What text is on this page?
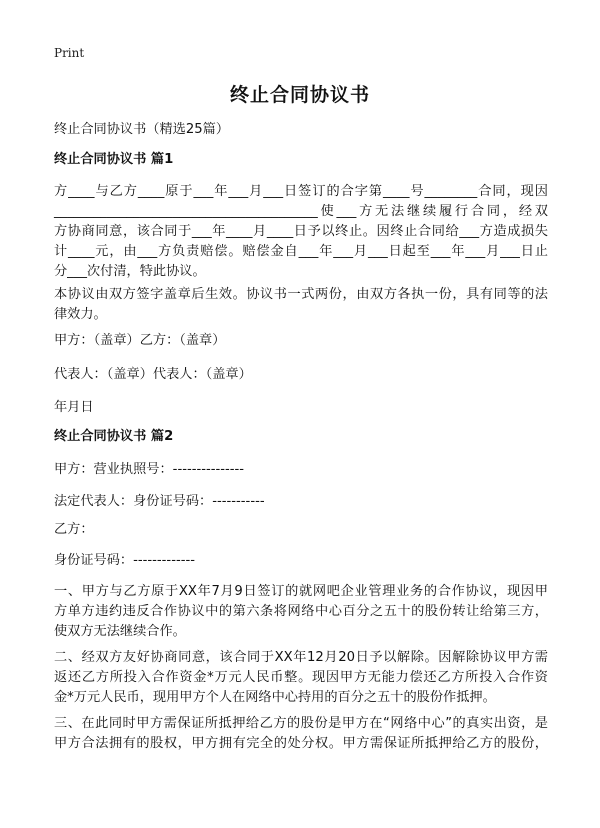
Print
终止合同协议书
终止合同协议书（精选25篇）
终止合同协议书 篇1
方____与乙方____原于___年___月___日签订的合字第____号________合同，现因
________________________________________使___方无法继续履行合同，经双
方协商同意，该合同于___年____月____日予以终止。因终止合同给___方造成损失
计____元，由___方负责赔偿。赔偿金自___年___月___日起至___年___月___日止
分___次付清，特此协议。
本协议由双方签字盖章后生效。协议书一式两份，由双方各执一份，具有同等的法
律效力。
甲方：（盖章）乙方：（盖章）
代表人：（盖章）代表人：（盖章）
年月日
终止合同协议书 篇2
甲方：营业执照号：---------------
法定代表人：身份证号码：-----------
乙方：
身份证号码：-------------
一、甲方与乙方原于XX年7月9日签订的就网吧企业管理业务的合作协议，现因甲
方单方违约违反合作协议中的第六条将网络中心百分之五十的股份转让给第三方，
使双方无法继续合作。
二、经双方友好协商同意，该合同于XX年12月20日予以解除。因解除协议甲方需
返还乙方所投入合作资金*万元人民币整。现因甲方无能力偿还乙方所投入合作资
金*万元人民币，现用甲方个人在网络中心持用的百分之五十的股份作抵押。
三、在此同时甲方需保证所抵押给乙方的股份是甲方在“网络中心”的真实出资，是
甲方合法拥有的股权，甲方拥有完全的处分权。甲方需保证所抵押给乙方的股份，
